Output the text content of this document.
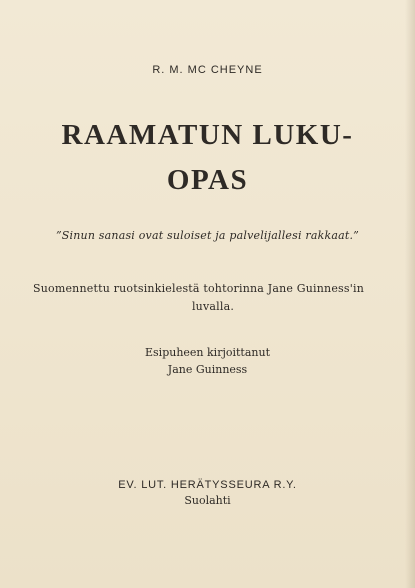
R. M. MC CHEYNE
RAAMATUN LUKU-
OPAS
”Sinun sanasi ovat suloiset ja palvelijallesi rakkaat.”
Suomennettu ruotsinkielestä tohtorinna Jane Guinness'in
luvalla.
Esipuheen kirjoittanut
Jane Guinness
EV. LUT. HERÄTYSSEURA R.Y.
Suolahti
